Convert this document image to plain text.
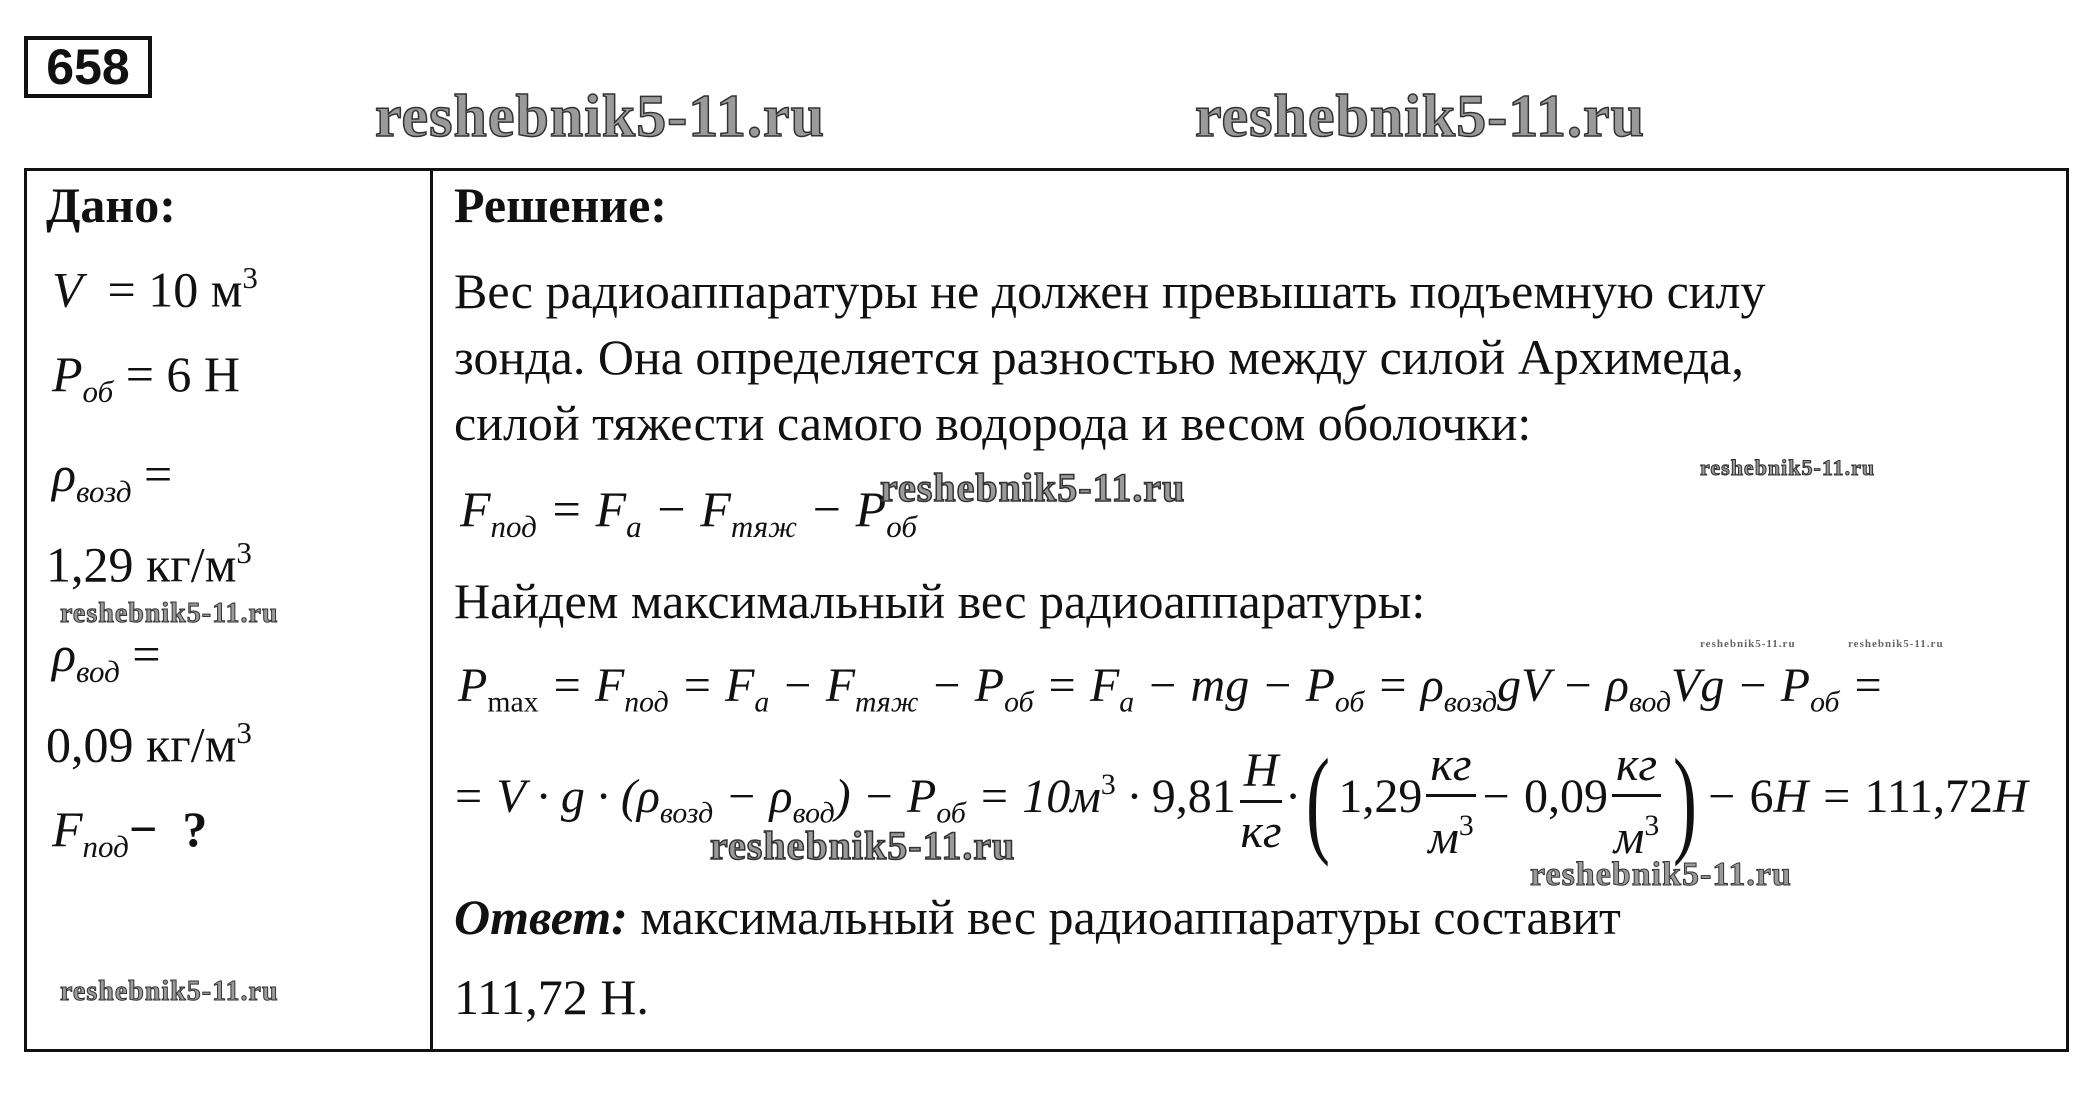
658
reshebnik5-11.ru	reshebnik5-11.ru
Дано:
V  = 10 $м^3$
$P_{об} = 6$ Н
$\rho_{возд}$ =
1,29 $кг/м^3$
reshebnik5-11.ru
$\rho_{вод}$ =
0,09 $кг/м^3$
$F_{под}-$  ?
reshebnik5-11.ru
Решение:
Вес радиоаппаратуры не должен превышать подъемную силу
зонда. Она определяется разностью между силой Архимеда,
силой тяжести самого водорода и весом оболочки:
$F_{под} = F_а - F_{тяж} - P_{об}$
reshebnik5-11.ru	reshebnik5-11.ru
Найдем максимальный вес радиоаппаратуры:
reshebnik5-11.ru	reshebnik5-11.ru
$P_{max} = F_{под} = F_а - F_{тяж} - P_{об} = F_а$ − mg − $P_{об} = \rho_{возд}gV - \rho_{вод}Vg - P_{об}$ =
= $V \cdot g \cdot (\rho_{возд} - \rho_{вод}) - P_{об} = 10м^3 \cdot 9,81 \frac{Н}{кг}$ ·( $1,29 \frac{кг}{м^3} - 0,09 \frac{кг}{м^3}$ ) − 6Н = 111,72Н
reshebnik5-11.ru
reshebnik5-11.ru
Ответ: максимальный вес радиоаппаратуры составит
111,72 Н.
